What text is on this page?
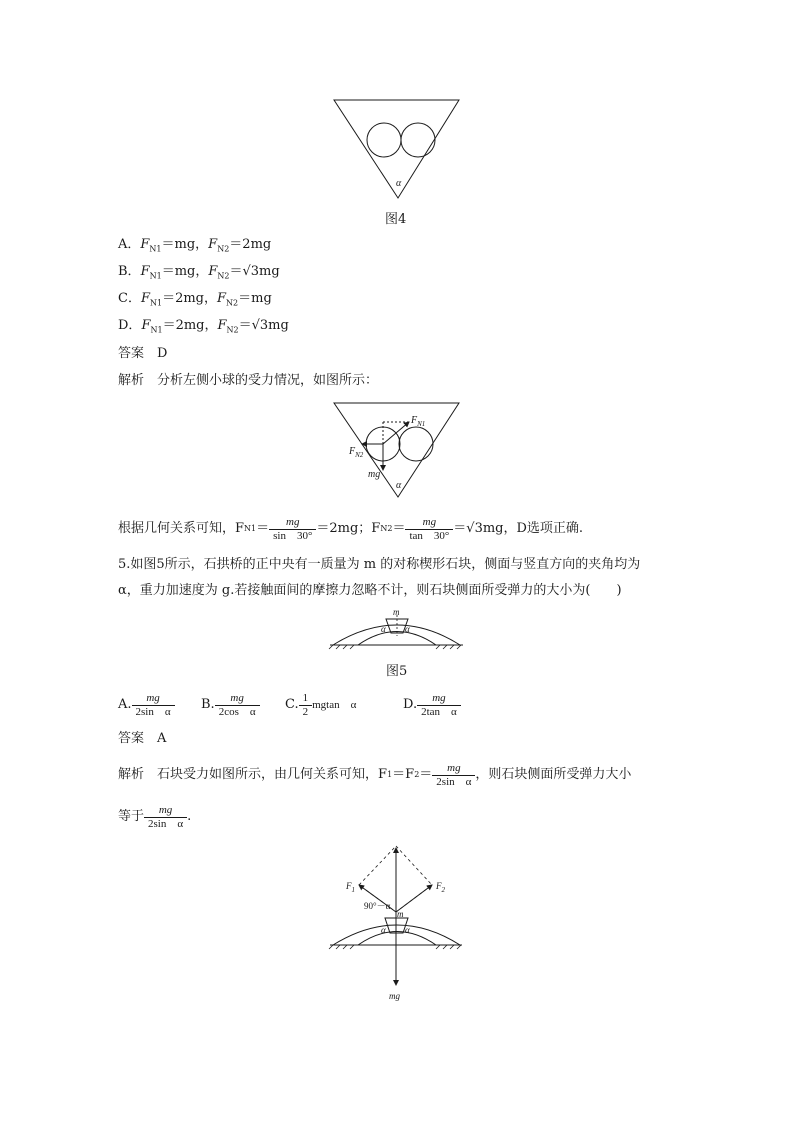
α
图4
A．$F_{N1}=mg$，$F_{N2}=2mg$
B．$F_{N1}=mg$，$F_{N2}=√3mg$
C．$F_{N1}=2mg$，$F_{N2}=mg$
D．$F_{N1}=2mg$，$F_{N2}=√3mg$
答案　 D
解析　 分析左侧小球的受力情况，如图所示：
$F_{N1}$
$F_{N2}$
mg
α
根据几何关系可知，F $N1 = \frac{mg}{\sin 30^\circ} =2mg$；F $N2 = \frac{mg}{\tan 30^\circ} =√3mg$，D选项正确.
5.如图5所示，石拱桥的正中央有一质量为 m 的对称楔形石块，侧面与竖直方向的夹角均为
α，重力加速度为 g.若接触面间的摩擦力忽略不计，则石块侧面所受弹力的大小为(　　)
m
α α
图5
A. $\frac{mg}{\text{2sin　α}} B$. $\frac{mg}{\text{2cos　α}} C$. $\frac{1}{2}$ mgtan　α	D. $\frac{mg}{\text{2tan　α}}$
答案　 A
解析
　 石块受力如图所示，由几何关系可知，F 1 ＝F $2 = \frac{mg}{\text{2sin　α}}$ ，则石块侧面所受弹力大小
等于 $\frac{mg}{\text{2sin　α}}$ .
$F_1$	$F_2$
90°－α
m
α α
mg
